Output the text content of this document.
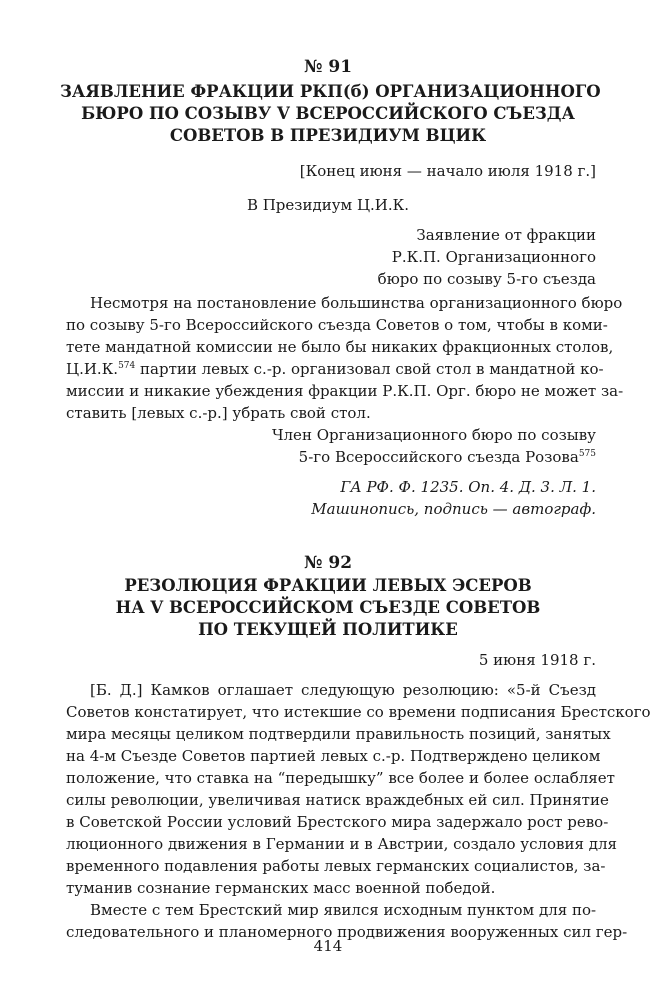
№ 91
ЗАЯВЛЕНИЕ ФРАКЦИИ РКП(б) ОРГАНИЗАЦИОННОГО
БЮРО ПО СОЗЫВУ V ВСЕРОССИЙСКОГО СЪЕЗДА
СОВЕТОВ В ПРЕЗИДИУМ ВЦИК
[Конец июня — начало июля 1918 г.]
В Президиум Ц.И.К.
Заявление от фракции
Р.К.П. Организационного
бюро по созыву 5-го съезда
Несмотря на постановление большинства организационного бюро
по созыву 5-го Всероссийского съезда Советов о том, чтобы в коми-
тете мандатной комиссии не было бы никаких фракционных столов,
Ц.И.К.$^{574}$ партии левых с.-р. организовал свой стол в мандатной ко-
миссии и никакие убеждения фракции Р.К.П. Орг. бюро не может за-
ставить [левых с.-р.] убрать свой стол.
Член Организационного бюро по созыву
5-го Всероссийского съезда Розова$^{575}$
ГА РФ. Ф. 1235. Оп. 4. Д. 3. Л. 1.
Машинопись, подпись — автограф.
№ 92
РЕЗОЛЮЦИЯ ФРАКЦИИ ЛЕВЫХ ЭСЕРОВ
НА V ВСЕРОССИЙСКОМ СЪЕЗДЕ СОВЕТОВ
ПО ТЕКУЩЕЙ ПОЛИТИКЕ
5 июня 1918 г.
[Б. Д.] Камков оглашает следующую резолюцию: «5-й Съезд
Советов констатирует, что истекшие со времени подписания Брестского
мира месяцы целиком подтвердили правильность позиций, занятых
на 4-м Съезде Советов партией левых с.-р. Подтверждено целиком
положение, что ставка на “передышку” все более и более ослабляет
силы революции, увеличивая натиск враждебных ей сил. Принятие
в Советской России условий Брестского мира задержало рост рево-
люционного движения в Германии и в Австрии, создало условия для
временного подавления работы левых германских социалистов, за-
туманив сознание германских масс военной победой.
Вместе с тем Брестский мир явился исходным пунктом для по-
следовательного и планомерного продвижения вооруженных сил гер-
414
